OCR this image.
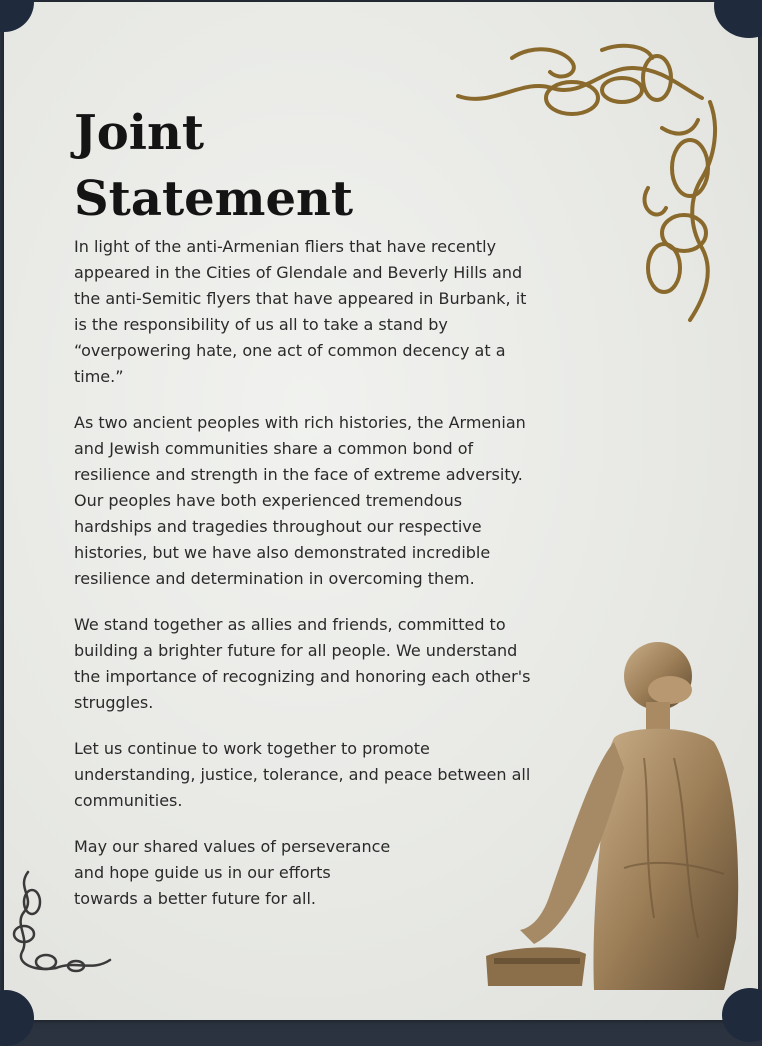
Joint
Statement

In light of the anti-Armenian fliers that have recently appeared in the Cities of Glendale and Beverly Hills and the anti-Semitic flyers that have appeared in Burbank, it is the responsibility of us all to take a stand by “overpowering hate, one act of common decency at a time.”

As two ancient peoples with rich histories, the Armenian and Jewish communities share a common bond of resilience and strength in the face of extreme adversity. Our peoples have both experienced tremendous hardships and tragedies throughout our respective histories, but we have also demonstrated incredible resilience and determination in overcoming them.

We stand together as allies and friends, committed to building a brighter future for all people. We understand the importance of recognizing and honoring each other's struggles.

Let us continue to work together to promote understanding, justice, tolerance, and peace between all communities.

May our shared values of perseverance and hope guide us in our efforts towards a better future for all.
